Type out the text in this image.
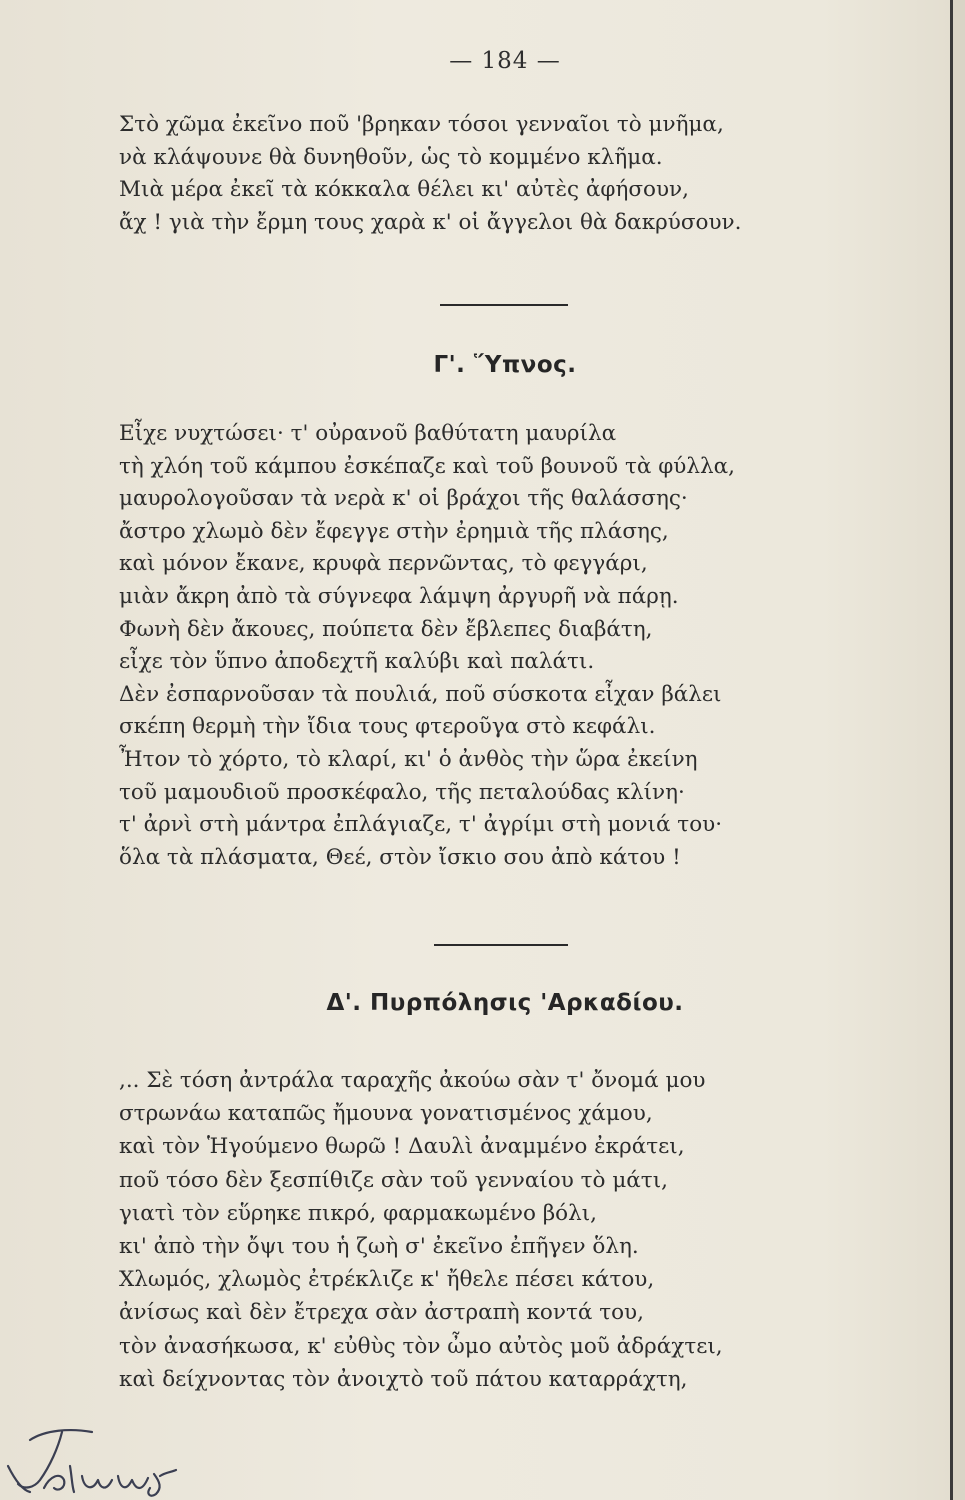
— 184 —
Στὸ χῶμα ἐκεῖνο ποῦ 'βρηκαν τόσοι γενναῖοι τὸ μνῆμα,
νὰ κλάψουνε θὰ δυνηθοῦν, ὡς τὸ κομμένο κλῆμα.
Μιὰ μέρα ἐκεῖ τὰ κόκκαλα θέλει κι' αὐτὲς ἀφήσουν,
ἄχ ! γιὰ τὴν ἔρμη τους χαρὰ κ' οἱ ἄγγελοι θὰ δακρύσουν.
Γ'. Ὕπνος.
Εἶχε νυχτώσει· τ' οὐρανοῦ βαθύτατη μαυρίλα
τὴ χλόη τοῦ κάμπου ἐσκέπαζε καὶ τοῦ βουνοῦ τὰ φύλλα,
μαυρολογοῦσαν τὰ νερὰ κ' οἱ βράχοι τῆς θαλάσσης·
ἄστρο χλωμὸ δὲν ἔφεγγε στὴν ἐρημιὰ τῆς πλάσης,
καὶ μόνον ἔκανε, κρυφὰ περνῶντας, τὸ φεγγάρι,
μιὰν ἄκρη ἀπὸ τὰ σύγνεφα λάμψη ἀργυρῆ νὰ πάρῃ.
Φωνὴ δὲν ἄκουες, πούπετα δὲν ἔβλεπες διαβάτη,
εἶχε τὸν ὕπνο ἀποδεχτῆ καλύβι καὶ παλάτι.
Δὲν ἐσπαρνοῦσαν τὰ πουλιά, ποῦ σύσκοτα εἶχαν βάλει
σκέπη θερμὴ τὴν ἴδια τους φτεροῦγα στὸ κεφάλι.
Ἦτον τὸ χόρτο, τὸ κλαρί, κι' ὁ ἀνθὸς τὴν ὥρα ἐκείνη
τοῦ μαμουδιοῦ προσκέφαλο, τῆς πεταλούδας κλίνη·
τ' ἀρνὶ στὴ μάντρα ἐπλάγιαζε, τ' ἀγρίμι στὴ μονιά του·
ὅλα τὰ πλάσματα, Θεέ, στὸν ἴσκιο σου ἀπὸ κάτου !
Δ'. Πυρπόλησις 'Αρκαδίου.
,.. Σὲ τόση ἀντράλα ταραχῆς ἀκούω σὰν τ' ὄνομά μου
στρωνάω καταπῶς ἤμουνα γονατισμένος χάμου,
καὶ τὸν Ἡγούμενο θωρῶ ! Δαυλὶ ἀναμμένο ἐκράτει,
ποῦ τόσο δὲν ξεσπίθιζε σὰν τοῦ γενναίου τὸ μάτι,
γιατὶ τὸν εὕρηκε πικρό, φαρμακωμένο βόλι,
κι' ἀπὸ τὴν ὄψι του ἡ ζωὴ σ' ἐκεῖνο ἐπῆγεν ὅλη.
Χλωμός, χλωμὸς ἐτρέκλιζε κ' ἤθελε πέσει κάτου,
ἀνίσως καὶ δὲν ἔτρεχα σὰν ἀστραπὴ κοντά του,
τὸν ἀνασήκωσα, κ' εὐθὺς τὸν ὦμο αὐτὸς μοῦ ἀδράχτει,
καὶ δείχνοντας τὸν ἀνοιχτὸ τοῦ πάτου καταρράχτη,
